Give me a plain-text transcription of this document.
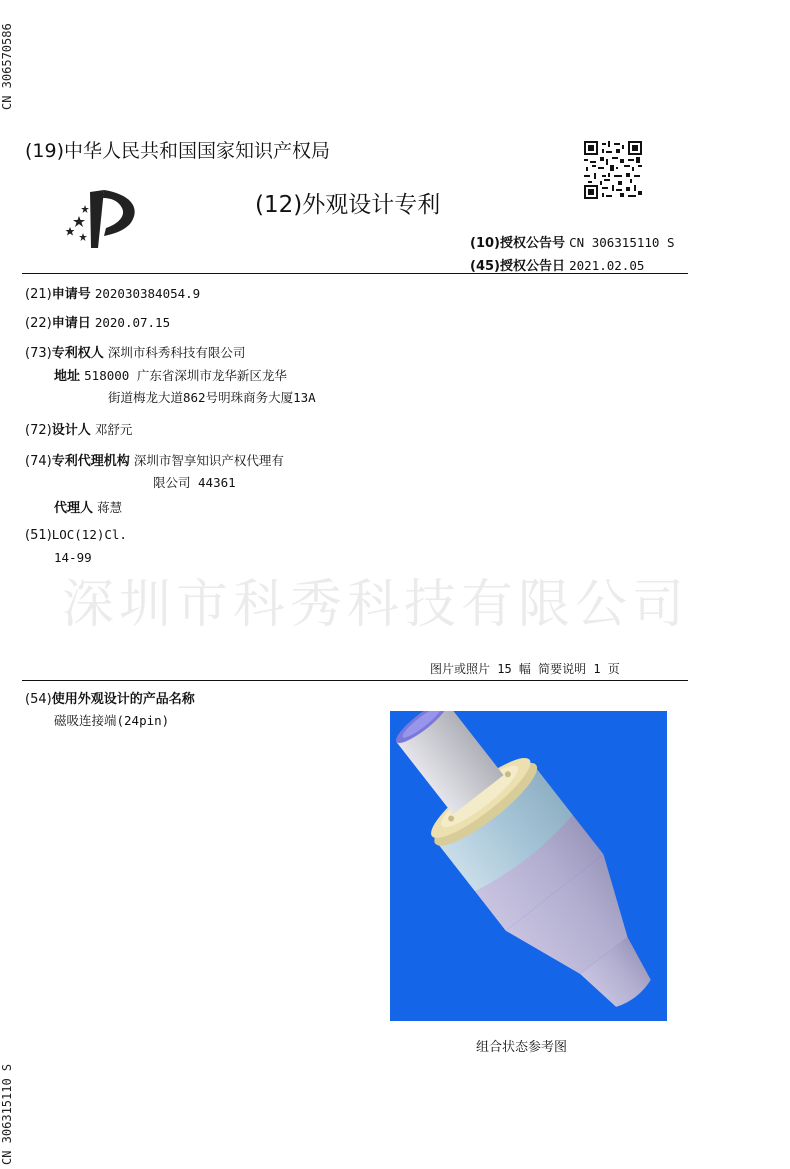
CN 306570586
CN 306315110 S
(19)中华人民共和国国家知识产权局
(12)外观设计专利
(10)授权公告号 CN 306315110 S
(45)授权公告日 2021.02.05
(21)申请号 202030384054.9
(22)申请日 2020.07.15
(73)专利权人 深圳市科秀科技有限公司
地址 518000 广东省深圳市龙华新区龙华
街道梅龙大道862号明珠商务大厦13A
(72)设计人 邓舒元
(74)专利代理机构 深圳市智享知识产权代理有
限公司 44361
代理人 蒋慧
(51)LOC(12)Cl.
14-99
深圳市科秀科技有限公司
图片或照片 15 幅 简要说明 1 页
(54)使用外观设计的产品名称
磁吸连接端(24pin)
组合状态参考图
